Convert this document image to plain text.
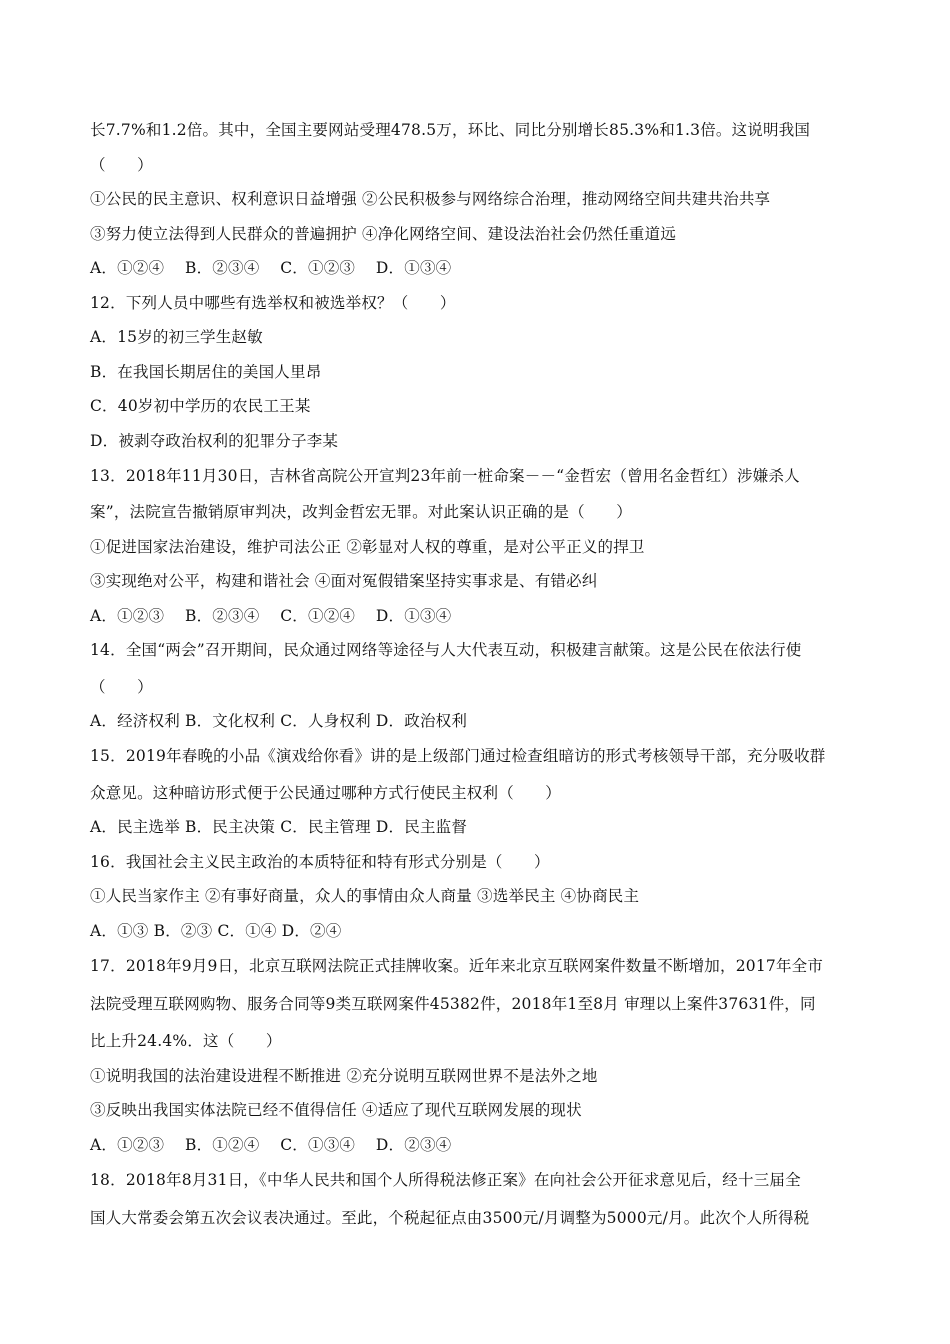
长7.7%和1.2倍。其中，全国主要网站受理478.5万，环比、同比分别增长85.3%和1.3倍。这说明我国
（　　）
①公民的民主意识、权利意识日益增强 ②公民积极参与网络综合治理，推动网络空间共建共治共享
③努力使立法得到人民群众的普遍拥护 ④净化网络空间、建设法治社会仍然任重道远
A．①②④　 B．②③④　 C．①②③　 D．①③④
12．下列人员中哪些有选举权和被选举权？（　　）
A．15岁的初三学生赵敏
B．在我国长期居住的美国人里昂
C．40岁初中学历的农民工王某
D．被剥夺政治权利的犯罪分子李某
13．2018年11月30日，吉林省高院公开宣判23年前一桩命案－－“金哲宏（曾用名金哲红）涉嫌杀人
案”，法院宣告撤销原审判决，改判金哲宏无罪。对此案认识正确的是（　　）
①促进国家法治建设，维护司法公正 ②彰显对人权的尊重，是对公平正义的捍卫
③实现绝对公平，构建和谐社会 ④面对冤假错案坚持实事求是、有错必纠
A．①②③　 B．②③④　 C．①②④　 D．①③④
14．全国“两会”召开期间，民众通过网络等途径与人大代表互动，积极建言献策。这是公民在依法行使
（　　）
A．经济权利 B．文化权利 C．人身权利 D．政治权利
15．2019年春晚的小品《演戏给你看》讲的是上级部门通过检查组暗访的形式考核领导干部，充分吸收群
众意见。这种暗访形式便于公民通过哪种方式行使民主权利（　　）
A．民主选举 B．民主决策 C．民主管理 D．民主监督
16．我国社会主义民主政治的本质特征和特有形式分别是（　　）
①人民当家作主 ②有事好商量，众人的事情由众人商量 ③选举民主 ④协商民主
A．①③ B．②③ C．①④ D．②④
17．2018年9月9日，北京互联网法院正式挂牌收案。近年来北京互联网案件数量不断增加，2017年全市
法院受理互联网购物、服务合同等9类互联网案件45382件，2018年1至8月 审理以上案件37631件，同
比上升24.4%．这（　　）
①说明我国的法治建设进程不断推进 ②充分说明互联网世界不是法外之地
③反映出我国实体法院已经不值得信任 ④适应了现代互联网发展的现状
A．①②③　 B．①②④　 C．①③④　 D．②③④
18．2018年8月31日，《中华人民共和国个人所得税法修正案》在向社会公开征求意见后，经十三届全
国人大常委会第五次会议表决通过。至此，个税起征点由3500元/月调整为5000元/月。此次个人所得税
